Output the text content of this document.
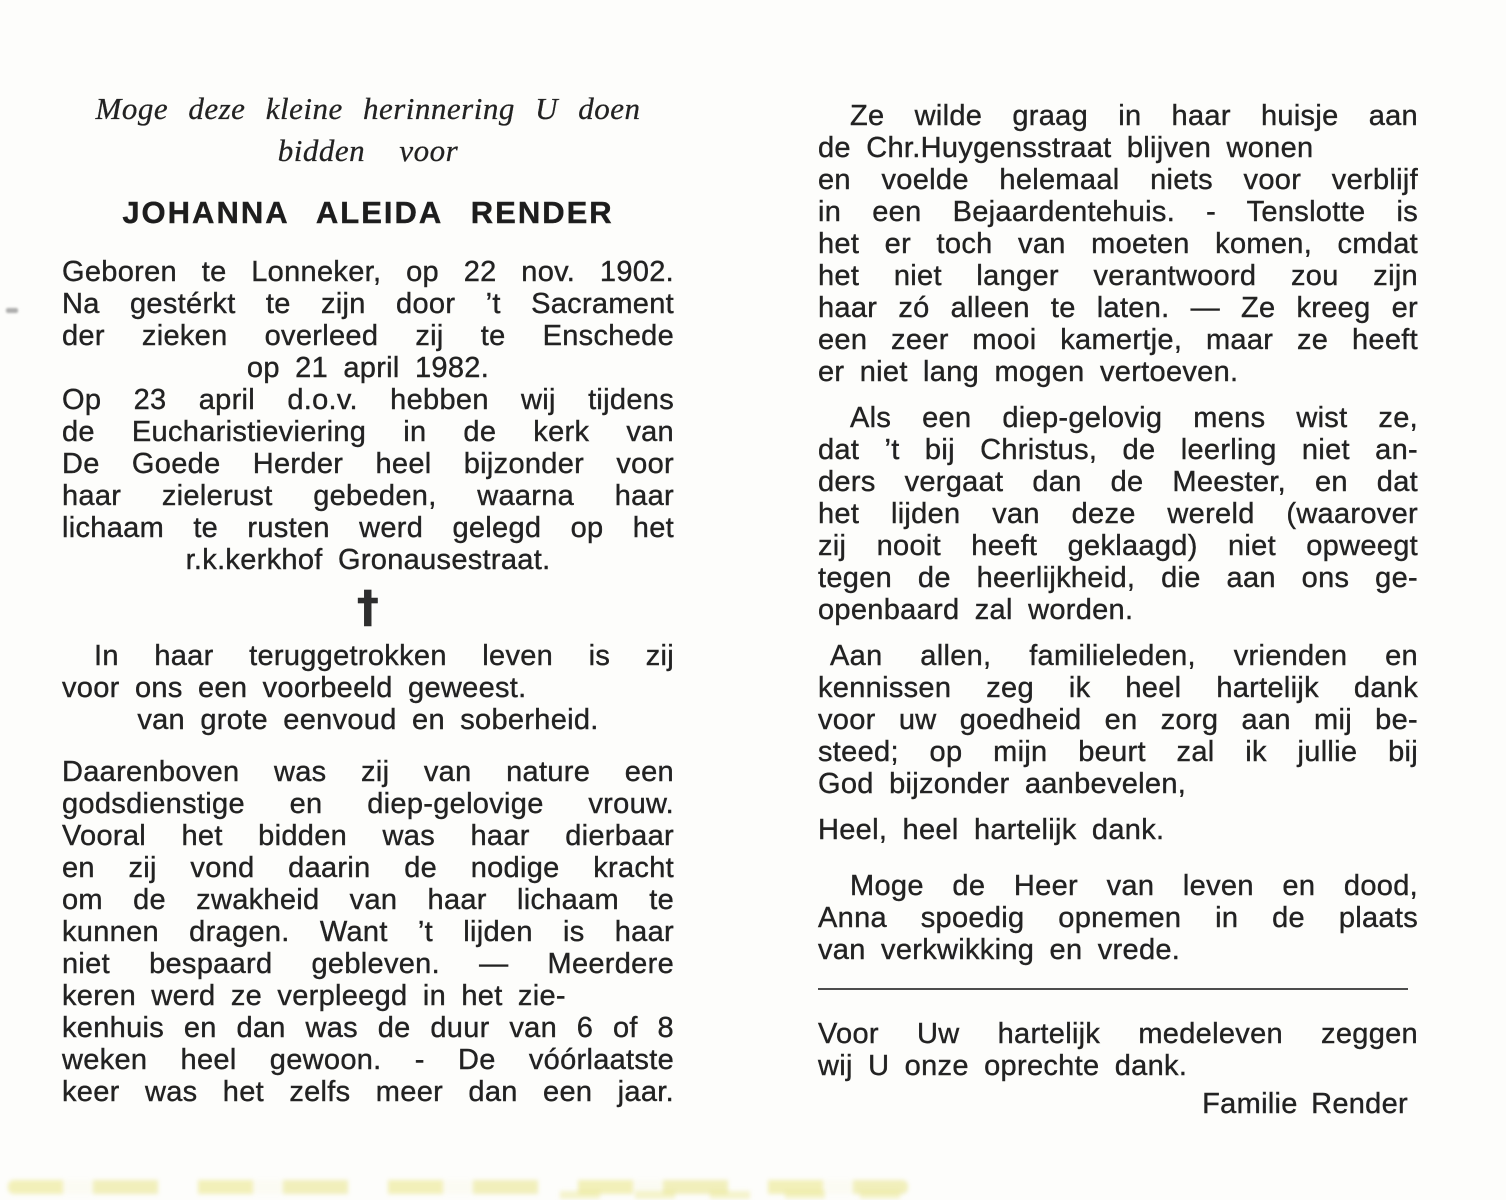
Moge deze kleine herinnering U doen
bidden voor
JOHANNA ALEIDA RENDER
Geboren te Lonneker, op 22 nov. 1902.
Na gestérkt te zijn door ’t Sacrament
der zieken overleed zij te Enschede
op 21 april 1982.
Op 23 april d.o.v. hebben wij tijdens
de Eucharistieviering in de kerk van
De Goede Herder heel bijzonder voor
haar zielerust gebeden, waarna haar
lichaam te rusten werd gelegd op het
r.k.kerkhof Gronausestraat.
†
In haar teruggetrokken leven is zij
voor ons een voorbeeld geweest.
van grote eenvoud en soberheid.
Daarenboven was zij van nature een
godsdienstige en diep-gelovige vrouw.
Vooral het bidden was haar dierbaar
en zij vond daarin de nodige kracht
om de zwakheid van haar lichaam te
kunnen dragen. Want ’t lijden is haar
niet bespaard gebleven. — Meerdere
keren werd ze verpleegd in het zie-
kenhuis en dan was de duur van 6 of 8
weken heel gewoon. - De vóórlaatste
keer was het zelfs meer dan een jaar.
Ze wilde graag in haar huisje aan
de Chr.Huygensstraat blijven wonen
en voelde helemaal niets voor verblijf
in een Bejaardentehuis. - Tenslotte is
het er toch van moeten komen, cmdat
het niet langer verantwoord zou zijn
haar zó alleen te laten. — Ze kreeg er
een zeer mooi kamertje, maar ze heeft
er niet lang mogen vertoeven.
Als een diep-gelovig mens wist ze,
dat ’t bij Christus, de leerling niet an-
ders vergaat dan de Meester, en dat
het lijden van deze wereld (waarover
zij nooit heeft geklaagd) niet opweegt
tegen de heerlijkheid, die aan ons ge-
openbaard zal worden.
Aan allen, familieleden, vrienden en
kennissen zeg ik heel hartelijk dank
voor uw goedheid en zorg aan mij be-
steed; op mijn beurt zal ik jullie bij
God bijzonder aanbevelen,
Heel, heel hartelijk dank.
Moge de Heer van leven en dood,
Anna spoedig opnemen in de plaats
van verkwikking en vrede.
Voor Uw hartelijk medeleven zeggen
wij U onze oprechte dank.
Familie Render
